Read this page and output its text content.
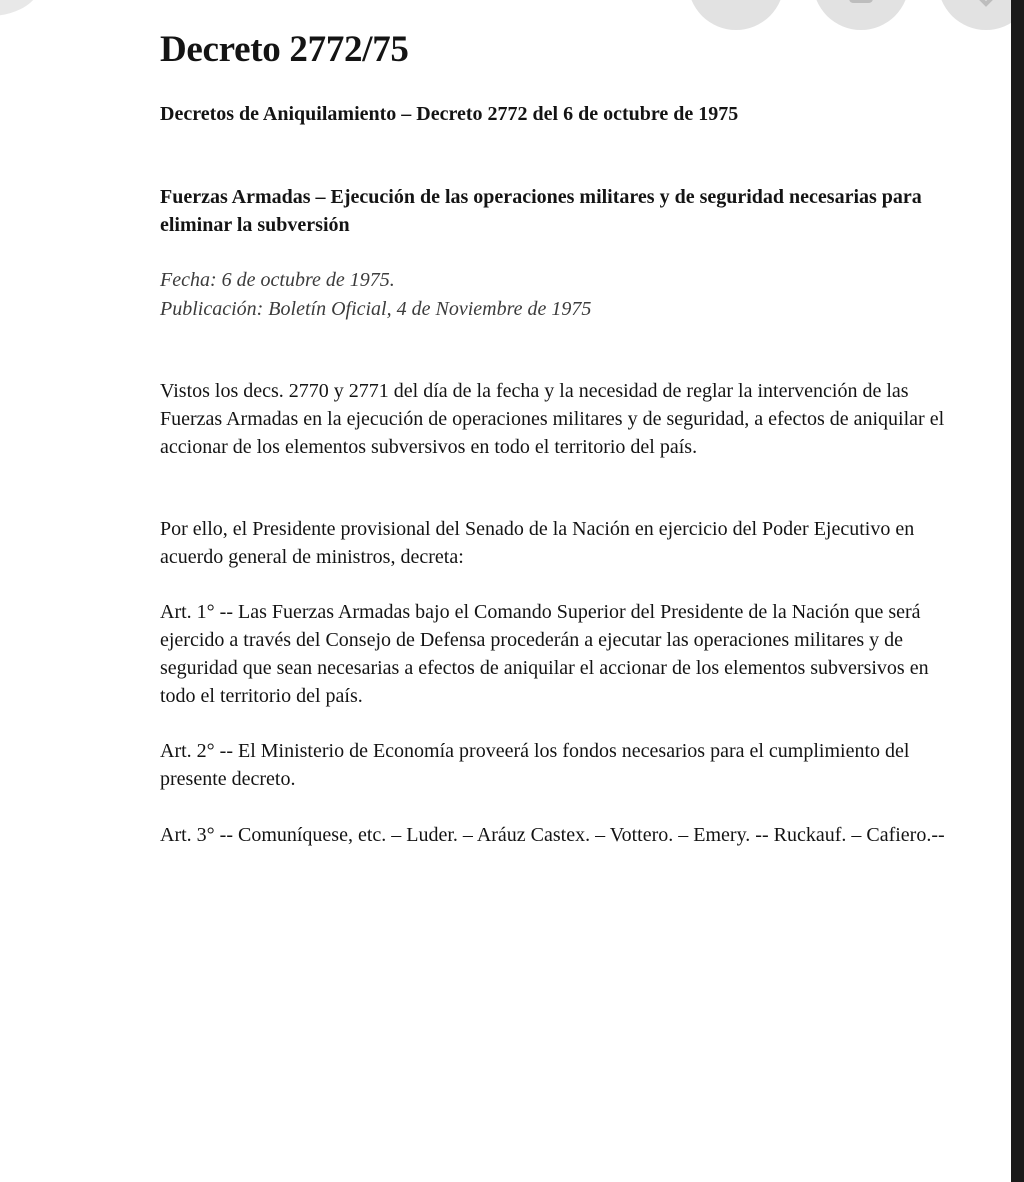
Decreto 2772/75

Decretos de Aniquilamiento – Decreto 2772 del 6 de octubre de 1975

Fuerzas Armadas – Ejecución de las operaciones militares y de seguridad necesarias para eliminar la subversión

Fecha: 6 de octubre de 1975.
Publicación: Boletín Oficial, 4 de Noviembre de 1975

Vistos los decs. 2770 y 2771 del día de la fecha y la necesidad de reglar la intervención de las Fuerzas Armadas en la ejecución de operaciones militares y de seguridad, a efectos de aniquilar el accionar de los elementos subversivos en todo el territorio del país.

Por ello, el Presidente provisional del Senado de la Nación en ejercicio del Poder Ejecutivo en acuerdo general de ministros, decreta:

Art. 1° -- Las Fuerzas Armadas bajo el Comando Superior del Presidente de la Nación que será ejercido a través del Consejo de Defensa procederán a ejecutar las operaciones militares y de seguridad que sean necesarias a efectos de aniquilar el accionar de los elementos subversivos en todo el territorio del país.

Art. 2° -- El Ministerio de Economía proveerá los fondos necesarios para el cumplimiento del presente decreto.

Art. 3° -- Comuníquese, etc. – Luder. – Aráuz Castex. – Vottero. – Emery. -- Ruckauf. – Cafiero.--
